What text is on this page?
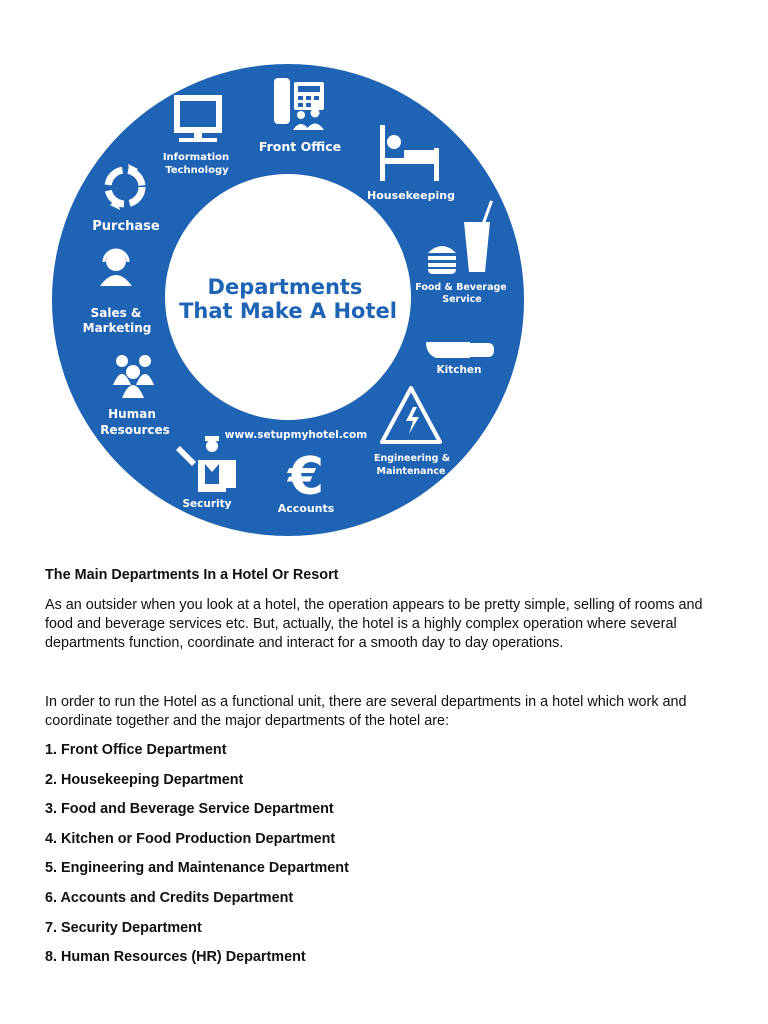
Departments
That Make A Hotel
www.setupmyhotel.com
Front Office
Information
Technology
Housekeeping
Food & Beverage
Service
Kitchen
Engineering &
Maintenance
€
Accounts
Security
Human
Resources
Sales &
Marketing
Purchase
The Main Departments In a Hotel Or Resort
As an outsider when you look at a hotel, the operation appears to be pretty simple, selling of rooms and food and beverage services etc. But, actually, the hotel is a highly complex operation where several departments function, coordinate and interact for a smooth day to day operations.
In order to run the Hotel as a functional unit, there are several departments in a hotel which work and coordinate together and the major departments of the hotel are:
1. Front Office Department
2. Housekeeping Department
3. Food and Beverage Service Department
4. Kitchen or Food Production Department
5. Engineering and Maintenance Department
6. Accounts and Credits Department
7. Security Department
8. Human Resources (HR) Department
